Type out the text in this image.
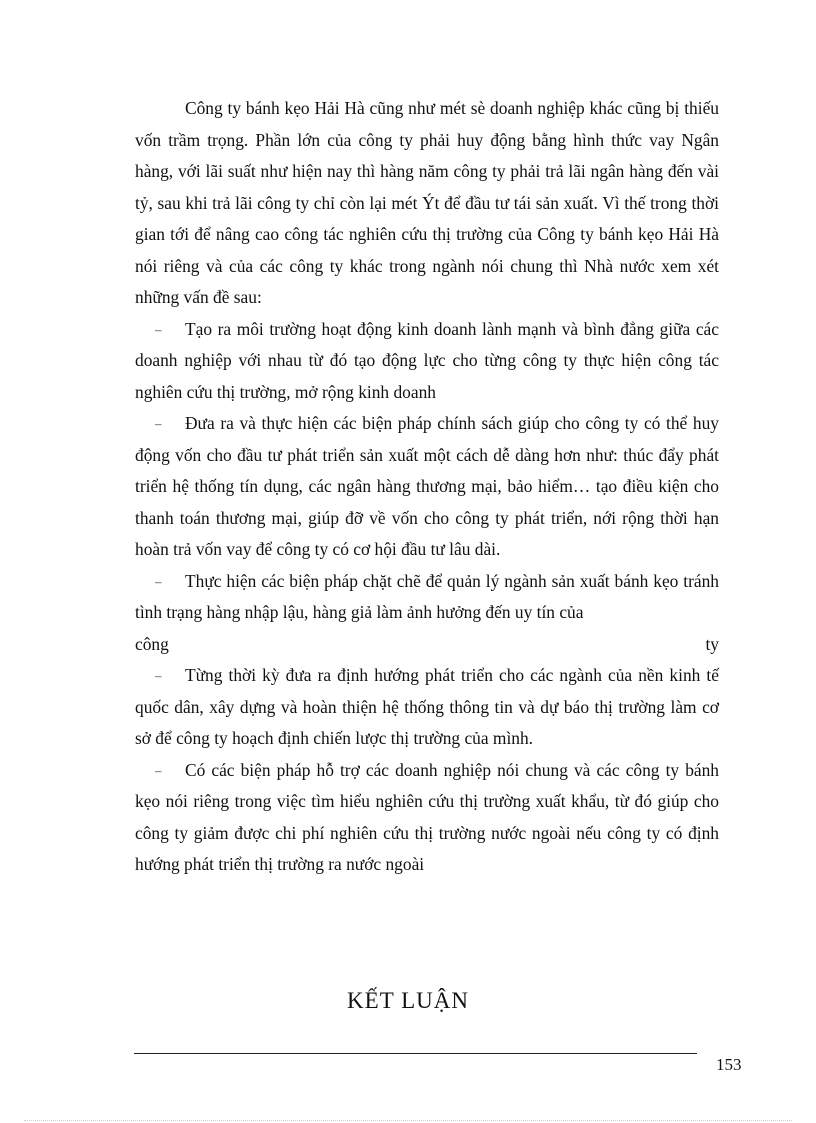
Công ty bánh kẹo Hải Hà cũng như mét sè doanh nghiệp khác cũng bị thiếu vốn trầm trọng. Phần lớn của công ty phải huy động bằng hình thức vay Ngân hàng, với lãi suất như hiện nay thì hàng năm công ty phải trả lãi ngân hàng đến vài tỷ, sau khi trả lãi công ty chỉ còn lại mét Ýt để đầu tư tái sản xuất. Vì thế trong thời gian tới để nâng cao công tác nghiên cứu thị trường của Công ty bánh kẹo Hải Hà nói riêng và của các công ty khác trong ngành nói chung thì Nhà nước xem xét những vấn đề sau:

–	Tạo ra môi trường hoạt động kinh doanh lành mạnh và bình đẳng giữa các doanh nghiệp với nhau từ đó tạo động lực cho từng công ty thực hiện công tác nghiên cứu thị trường, mở rộng kinh doanh
–	Đưa ra và thực hiện các biện pháp chính sách giúp cho công ty có thể huy động vốn cho đầu tư phát triển sản xuất một cách dễ dàng hơn như: thúc đẩy phát triển hệ thống tín dụng, các ngân hàng thương mại, bảo hiểm… tạo điều kiện cho thanh toán thương mại, giúp đỡ về vốn cho công ty phát triển, nới rộng thời hạn hoàn trả vốn vay để công ty có cơ hội đầu tư lâu dài.
–	Thực hiện các biện pháp chặt chẽ để quản lý ngành sản xuất bánh kẹo tránh tình trạng hàng nhập lậu, hàng giả làm ảnh hưởng đến uy tín của
công	ty
–	Từng thời kỳ đưa ra định hướng phát triển cho các ngành của nền kinh tế quốc dân, xây dựng và hoàn thiện hệ thống thông tin và dự báo thị trường làm cơ sở để công ty hoạch định chiến lược thị trường của mình.
–	Có các biện pháp hỗ trợ các doanh nghiệp nói chung và các công ty bánh kẹo nói riêng trong việc tìm hiểu nghiên cứu thị trường xuất khẩu, từ đó giúp cho công ty giảm được chi phí nghiên cứu thị trường nước ngoài nếu công ty có định hướng phát triển thị trường ra nước ngoài
KẾT LUẬN
153
